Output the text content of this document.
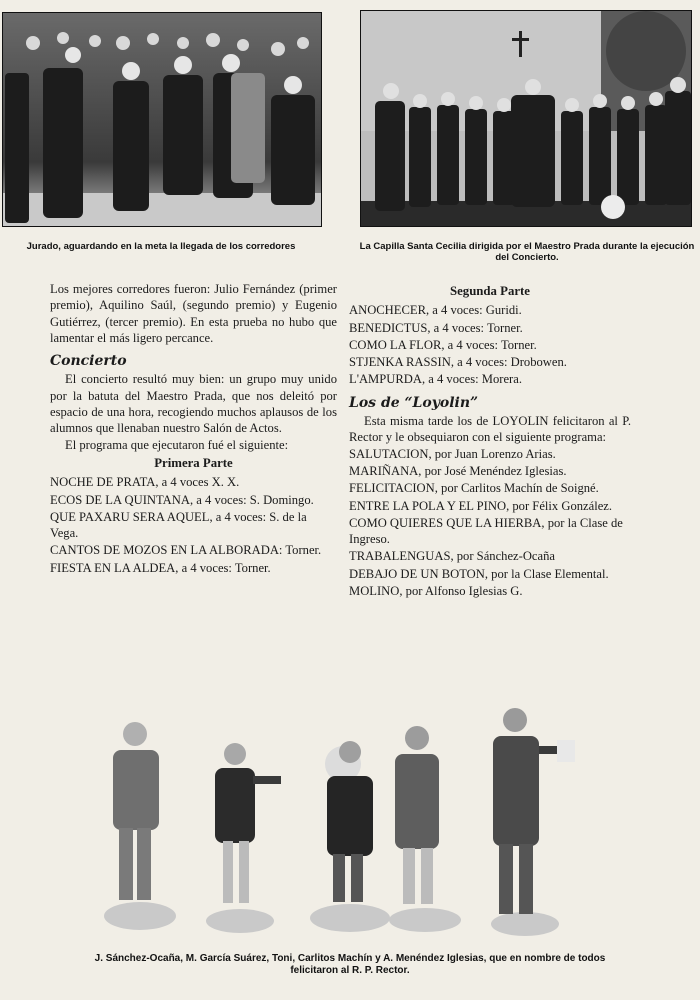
Jurado, aguardando en la meta la llegada de los corredores	La Capilla Santa Cecilia dirigida por el Maestro Prada durante la ejecución del Concierto.

Los mejores corredores fueron: Julio Fernández (primer premio), Aquilino Saúl, (segundo premio) y Eugenio Gutiérrez, (tercer premio). En esta prueba no hubo que lamentar el más ligero percance.

Concierto

El concierto resultó muy bien: un grupo muy unido por la batuta del Maestro Prada, que nos deleitó por espacio de una hora, recogiendo muchos aplausos de los alumnos que llenaban nuestro Salón de Actos.

El programa que ejecutaron fué el siguiente:

Primera Parte
NOCHE DE PRATA, a 4 voces X. X.
ECOS DE LA QUINTANA, a 4 voces: S. Domingo.
QUE PAXARU SERA AQUEL, a 4 voces: S. de la Vega.
CANTOS DE MOZOS EN LA ALBORADA: Torner.
FIESTA EN LA ALDEA, a 4 voces: Torner.
Segunda Parte
ANOCHECER, a 4 voces: Guridi.
BENEDICTUS, a 4 voces: Torner.
COMO LA FLOR, a 4 voces: Torner.
STJENKA RASSIN, a 4 voces: Drobowen.
L'AMPURDA, a 4 voces: Morera.
Los de “Loyolin”

Esta misma tarde los de LOYOLIN felicitaron al P. Rector y le obsequiaron con el siguiente programa:

SALUTACION, por Juan Lorenzo Arias.
MARIÑANA, por José Menéndez Iglesias.
FELICITACION, por Carlitos Machín de Soigné.
ENTRE LA POLA Y EL PINO, por Félix González.
COMO QUIERES QUE LA HIERBA, por la Clase de Ingreso.
TRABALENGUAS, por Sánchez-Ocaña
DEBAJO DE UN BOTON, por la Clase Elemental.
MOLINO, por Alfonso Iglesias G.
J. Sánchez-Ocaña, M. García Suárez, Toni, Carlitos Machín y A. Menéndez Iglesias, que en nombre de todos felicitaron al R. P. Rector.
